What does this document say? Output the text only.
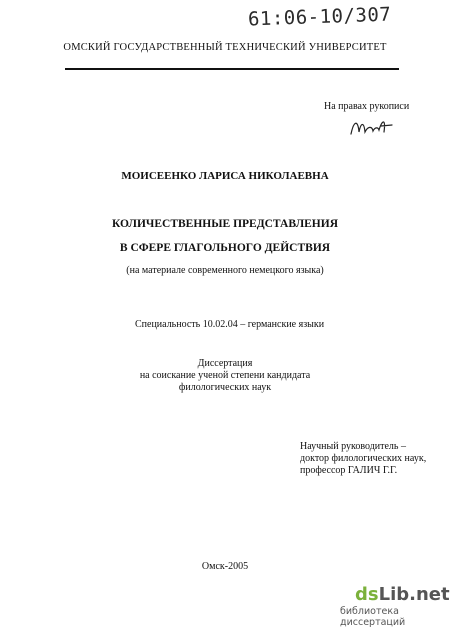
61:06-10/307
ОМСКИЙ ГОСУДАРСТВЕННЫЙ ТЕХНИЧЕСКИЙ УНИВЕРСИТЕТ
На правах рукописи
МОИСЕЕНКО ЛАРИСА НИКОЛАЕВНА
КОЛИЧЕСТВЕННЫЕ ПРЕДСТАВЛЕНИЯ
В СФЕРЕ ГЛАГОЛЬНОГО ДЕЙСТВИЯ
(на материале современного немецкого языка)
Специальность 10.02.04 – германские языки
Диссертация
на соискание ученой степени кандидата
филологических наук
Научный руководитель –
доктор филологических наук,
профессор ГАЛИЧ Г.Г.
Омск-2005
dsLib.net
библиотека диссертаций
